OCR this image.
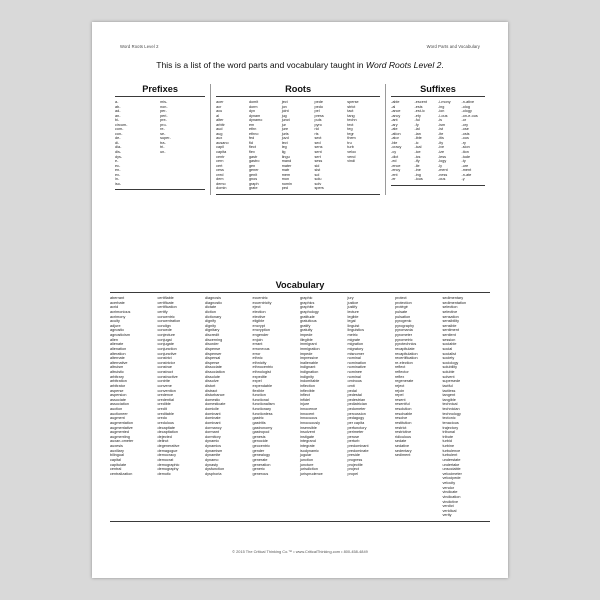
Word Roots Level 2	Word Parts and Vocabulary
This is a list of the word parts and vocabulary taught in Word Roots Level 2.
Prefixes
a-
ab-
ad-
an-
bi-
circum-
com-
con-
de-
di-
dia-
dis-
dys-
e-
ec-
en-
ex-
in-
iso-
mis-
non-
per-
peri-
pre-
pro-
re-
se-
super-
tra-
tri-
un-
Roots
acer
acr
acu
al
alter
arbitr
aud
aug
aux
ausano
capil
capita
centr
cern
cert
cess
cred
dem
demo
domin
domit
dorm
dyn
dynam
dynamo
em
ethn
ethno
fed
fid
flect
flex
gastr
gastro
gen
gener
genit
gnos
graph
grate
ject
jon
joint
jug
junct
jur
jure
juris
juvd
lect
leg
lig
lingu
mand
mater
matr
mem
mon
nomin
ped
pede
pedo
pel
press
puls
pyro
rid
ris
sect
sed
sens
sent
sert
sess
sid
sist
sol
solu
solv
spers
sperse
strict
tact
tang
techn
tect
teg
tegr
them
tru
turb
veloc
vend
vindi
Suffixes
-able
-al
-ance
-ancy
-ant
-ary
-ate
-ation
-ator
-ble
-cracy
-cy
-dict
-ed
-ence
-ency
-ent
-er
-escent
-esis
-est-ic
-ety
-ful
-fy
-ial
-ian
-ible
-ic
-ical
-ice
-ics
-ify
-ile
-ine
-ing
-ious
-i-mony
-ing
-ion
-i-ous
-is
-ism
-ist
-ite
-itis
-ity
-ive
-ize
-less
-logy
-ly
-ment
-ness
-ous
-n-ative
-olog
-ology
-on-e-ous
-or
-ory
-ose
-osis
-ous
-ry
-sion
-tion
-tude
-ty
-ure
-ment
-n-ate
-y
Vocabulary
aberrant
acerbate
acrid
acrimonious
acrimony
acuity
adjure
agnostic
agnosticism
alien
alienate
alienation
alteration
alternate
alternative
altruism
altruistic
arbitrary
arbitration
arbitrator
asperse
aspersion
associate
association
auction
auctioneer
augment
augmentation
augmentative
augmented
augmenting
auxan-ometer
auxesis
auxiliary
bilingual
capital
capitulate
central
centralization
certifiable
certificate
certification
certify
concentric
concentration
condign
concede
conjecture
conjugal
conjugate
conjunction
conjunctive
constrict
constrictor
construe
construct
constructive
contrite
convene
convention
credence
credential
credible
credit
creditable
credo
credulous
decapitate
decapitation
dejected
delinct
degenerative
demagogue
democracy
democrat
demographic
demography
demotic
diagnosis
diagnostic
dictate
diction
dictionary
dignify
dignity
dignitary
discredit
discerning
disorder
dispense
dispenser
dispersal
disperse
dissociate
dissociation
dissolute
dissolve
distort
distract
disturbance
domestic
domesticate
domicile
dominant
dominate
dominant
dormancy
dormant
dormitory
dynamic
dynamics
dynamism
dynamite
dynamo
dynasty
dysfunction
dysphoria
eccentric
eccentricity
eject
election
elective
eligible
encrypt
encryption
engender
enjoin
errant
erroneous
error
ethnic
ethnicity
ethnocentric
ethnologist
expedite
expel
expendable
flexible
function
functional
functionalism
functionary
functionless
gastric
gastritis
gastronomy
gastropod
genesis
genocide
geocentric
gender
genealogy
generate
generation
generic
generous
graphic
graphics
graphite
graphology
gratitude
gratuitous
gratify
gratuity
impede
illegible
immigrant
immigration
impede
impressive
inalienable
indignant
indignation
indignity
indomitable
inflection
inflexible
inflect
infidel
injure
innocence
innocent
innocuous
innocuously
insensible
insolvent
instigate
integrand
integrate
isodynamic
jugular
junction
juncture
jurisdiction
jurisprudence
jury
justice
justify
lecture
legible
legal
linguist
linguistics
metric
migrate
migration
migratory
misnomer
nominal
nomination
nominative
nominee
nominal
ominous
omit
pedal
pedestal
pedestrian
pediatrician
pedometer
percussion
pedagogy
per capita
perfunctory
perimeter
peruse
perturb
predominant
predominate
preside
progress
projectile
project
propel
protect
protection
protégé
pulsate
pulsation
pyrogenic
pyrography
pyromania
pyrometer
pyrometric
pyrotechnics
recapitulate
recapitulation
recertification
re-election
reflect
reflector
reflex
regenerate
reject
rejoin
repel
resent
resentful
resolution
resolvable
resolve
restitution
restrict
restrictive
ridiculous
sedate
sedative
sedentary
sediment
sedimentary
sedimentation
selection
selective
sensation
sensibility
sensible
sentiment
sentient
session
sociable
social
socialist
society
sociology
solubility
soluble
solvent
supersede
tactful
tactless
tangent
tangible
technical
technician
technology
tectonic
tenacious
trajectory
tribunal
tribute
turbid
turbine
turbulence
turbulent
understate
undertake
unsociable
velocimeter
velocipede
velocity
vendor
vindicate
vindication
vindictive
verdict
veridical
verity
© 2015 The Critical Thinking Co.™ • www.CriticalThinking.com • 800-458-4849
